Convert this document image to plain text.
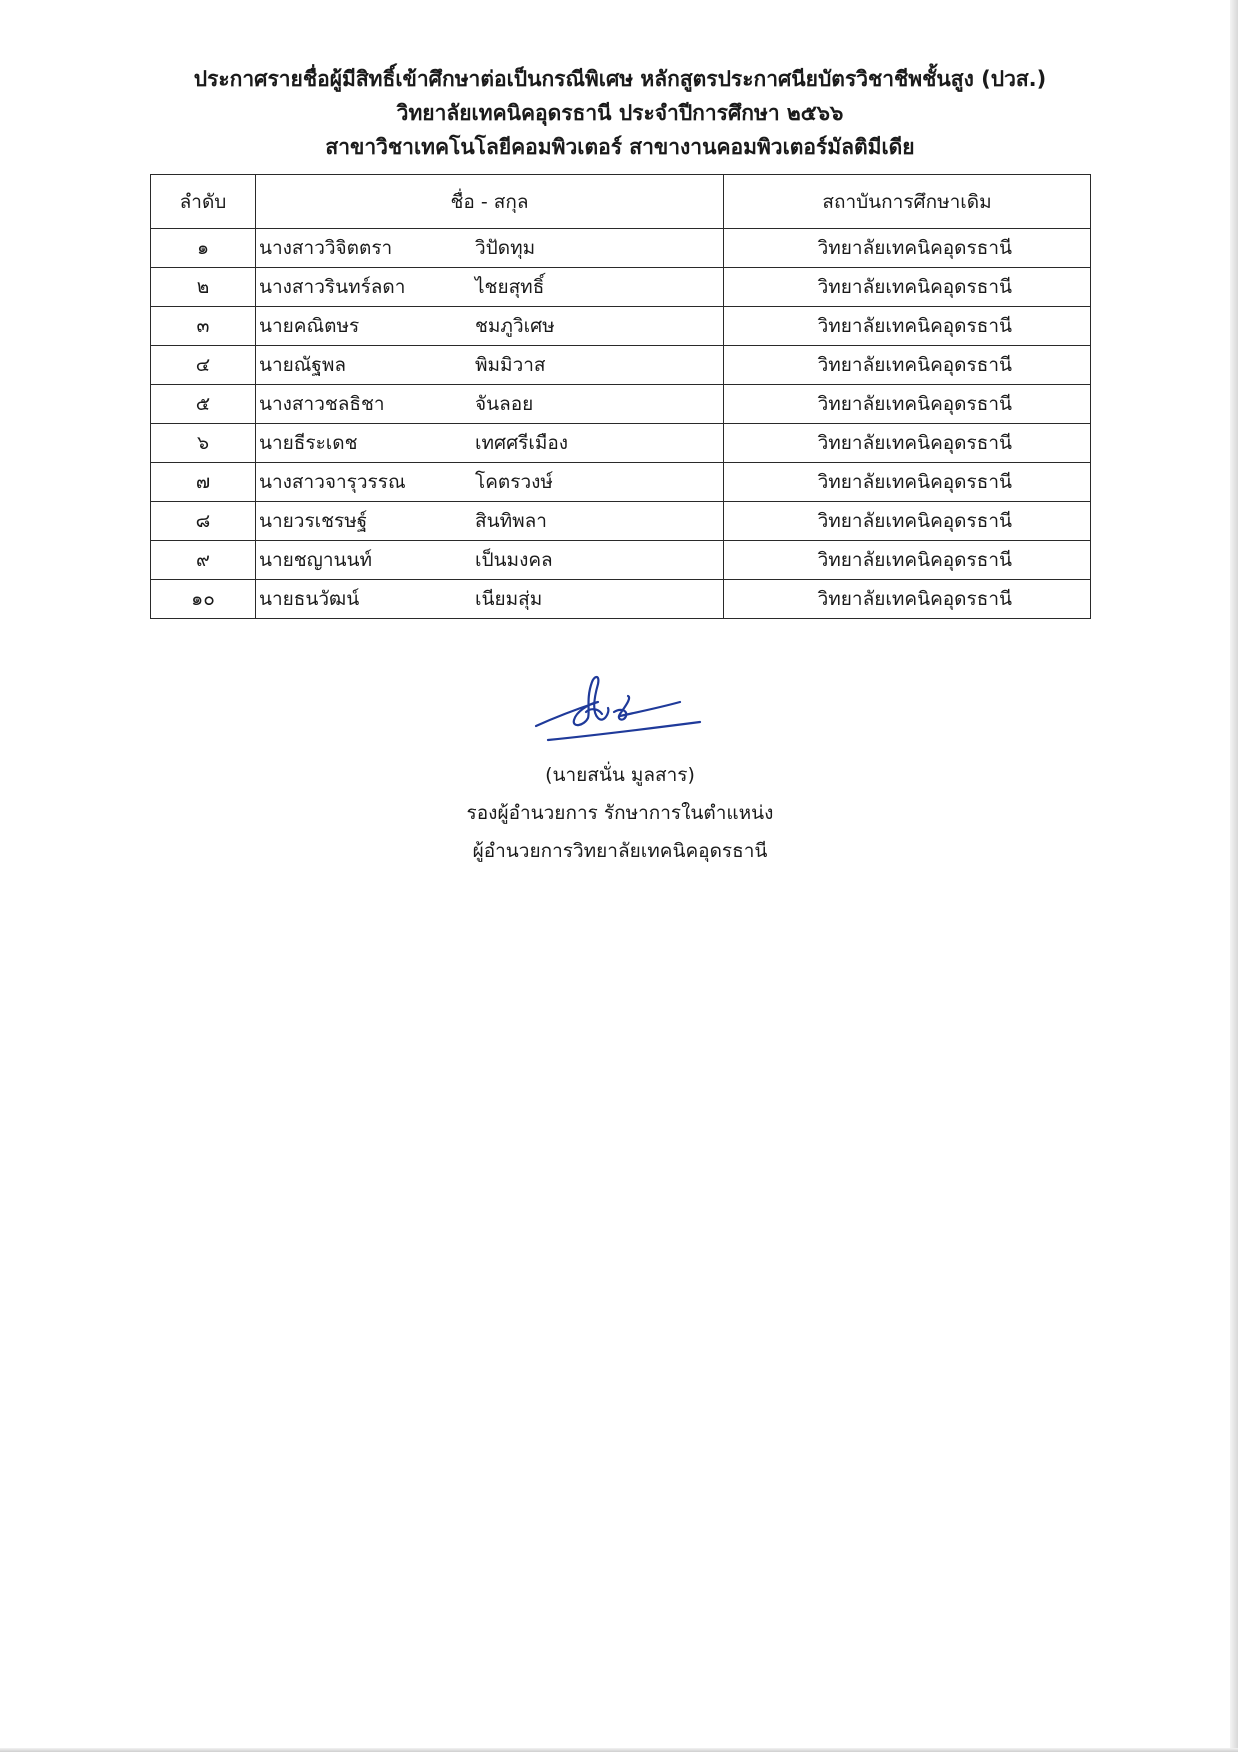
ประกาศรายชื่อผู้มีสิทธิ์เข้าศึกษาต่อเป็นกรณีพิเศษ หลักสูตรประกาศนียบัตรวิชาชีพชั้นสูง (ปวส.)
วิทยาลัยเทคนิคอุดรธานี ประจำปีการศึกษา ๒๕๖๖
สาขาวิชาเทคโนโลยีคอมพิวเตอร์ สาขางานคอมพิวเตอร์มัลติมีเดีย
ลำดับ	ชื่อ - สกุล	สถาบันการศึกษาเดิม
๑	นางสาววิจิตตรา วิปัดทุม	วิทยาลัยเทคนิคอุดรธานี
๒	นางสาวรินทร์ลดา ไชยสุทธิ์	วิทยาลัยเทคนิคอุดรธานี
๓	นายคณิตษร ชมภูวิเศษ	วิทยาลัยเทคนิคอุดรธานี
๔	นายณัฐพล พิมมิวาส	วิทยาลัยเทคนิคอุดรธานี
๕	นางสาวชลธิชา จันลอย	วิทยาลัยเทคนิคอุดรธานี
๖	นายธีระเดช เทศศรีเมือง	วิทยาลัยเทคนิคอุดรธานี
๗	นางสาวจารุวรรณ โคตรวงษ์	วิทยาลัยเทคนิคอุดรธานี
๘	นายวรเชรษฐ์ สินทิพลา	วิทยาลัยเทคนิคอุดรธานี
๙	นายชญานนท์ เป็นมงคล	วิทยาลัยเทคนิคอุดรธานี
๑๐	นายธนวัฒน์ เนียมสุ่ม	วิทยาลัยเทคนิคอุดรธานี
(นายสนั่น มูลสาร)
รองผู้อำนวยการ รักษาการในตำแหน่ง
ผู้อำนวยการวิทยาลัยเทคนิคอุดรธานี
